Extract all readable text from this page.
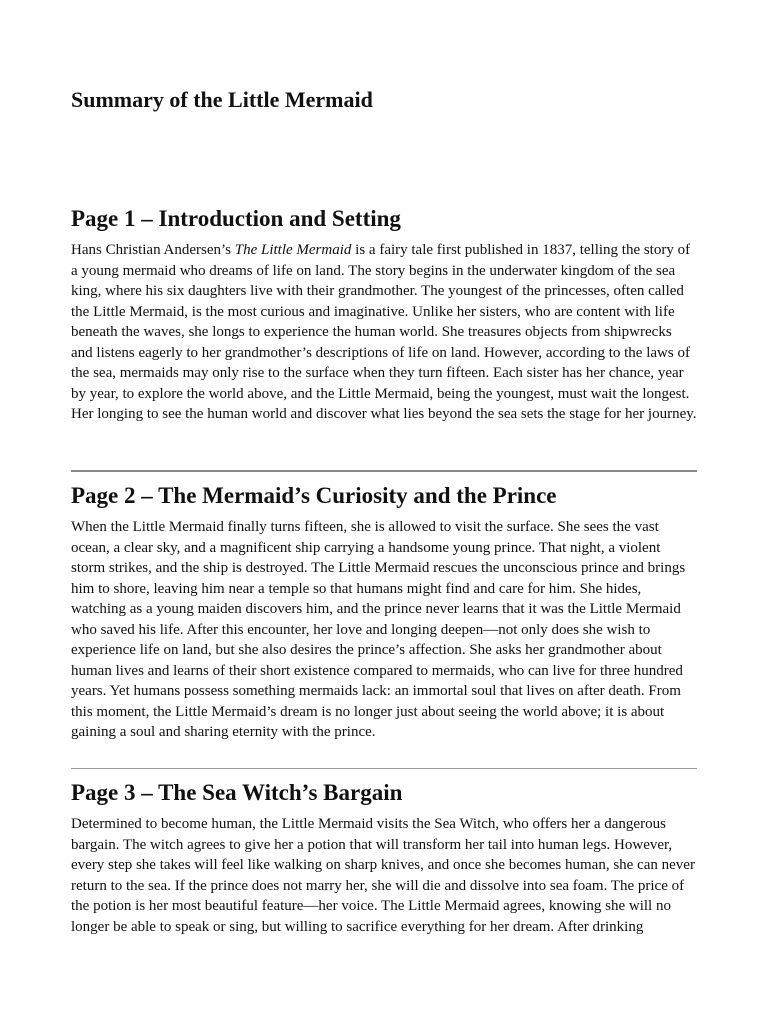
Summary of the Little Mermaid
Page 1 – Introduction and Setting

Hans Christian Andersen’s The Little Mermaid is a fairy tale first published in 1837, telling the story of a young mermaid who dreams of life on land. The story begins in the underwater kingdom of the sea king, where his six daughters live with their grandmother. The youngest of the princesses, often called the Little Mermaid, is the most curious and imaginative. Unlike her sisters, who are content with life beneath the waves, she longs to experience the human world. She treasures objects from shipwrecks and listens eagerly to her grandmother’s descriptions of life on land. However, according to the laws of the sea, mermaids may only rise to the surface when they turn fifteen. Each sister has her chance, year by year, to explore the world above, and the Little Mermaid, being the youngest, must wait the longest. Her longing to see the human world and discover what lies beyond the sea sets the stage for her journey.

Page 2 – The Mermaid’s Curiosity and the Prince

When the Little Mermaid finally turns fifteen, she is allowed to visit the surface. She sees the vast ocean, a clear sky, and a magnificent ship carrying a handsome young prince. That night, a violent storm strikes, and the ship is destroyed. The Little Mermaid rescues the unconscious prince and brings him to shore, leaving him near a temple so that humans might find and care for him. She hides, watching as a young maiden discovers him, and the prince never learns that it was the Little Mermaid who saved his life. After this encounter, her love and longing deepen—not only does she wish to experience life on land, but she also desires the prince’s affection. She asks her grandmother about human lives and learns of their short existence compared to mermaids, who can live for three hundred years. Yet humans possess something mermaids lack: an immortal soul that lives on after death. From this moment, the Little Mermaid’s dream is no longer just about seeing the world above; it is about gaining a soul and sharing eternity with the prince.

Page 3 – The Sea Witch’s Bargain

Determined to become human, the Little Mermaid visits the Sea Witch, who offers her a dangerous bargain. The witch agrees to give her a potion that will transform her tail into human legs. However, every step she takes will feel like walking on sharp knives, and once she becomes human, she can never return to the sea. If the prince does not marry her, she will die and dissolve into sea foam. The price of the potion is her most beautiful feature—her voice. The Little Mermaid agrees, knowing she will no longer be able to speak or sing, but willing to sacrifice everything for her dream. After drinking
